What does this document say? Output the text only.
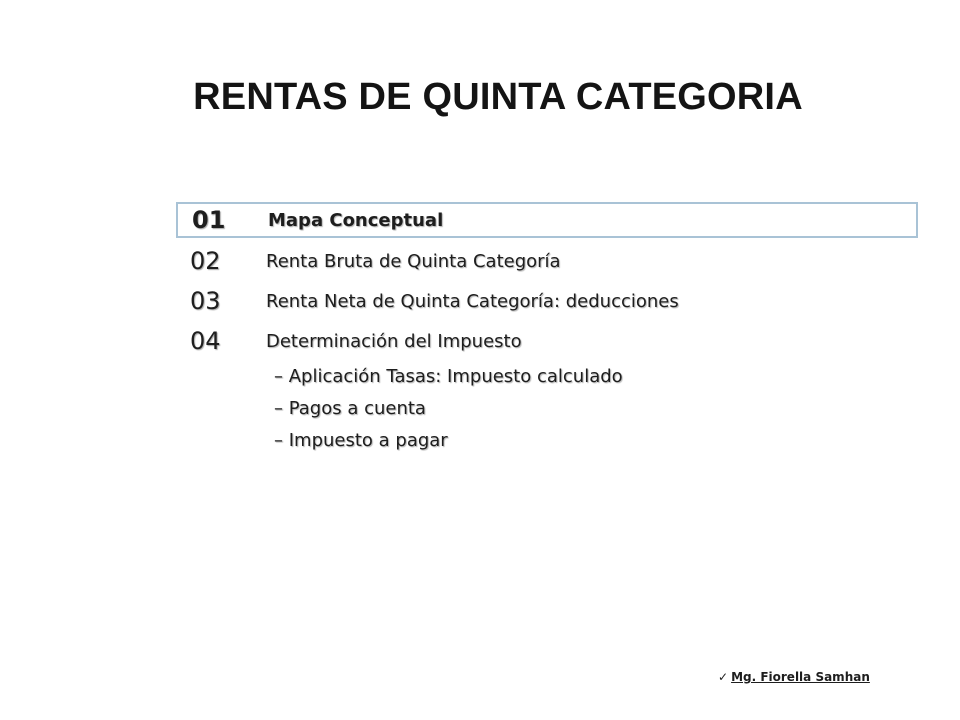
RENTAS DE QUINTA CATEGORIA
01	Mapa Conceptual
02	Renta Bruta de Quinta Categoría
03	Renta Neta de Quinta Categoría: deducciones
04	Determinación del Impuesto
– Aplicación Tasas: Impuesto calculado
– Pagos a cuenta
– Impuesto a pagar
✓ Mg. Fiorella Samhan
